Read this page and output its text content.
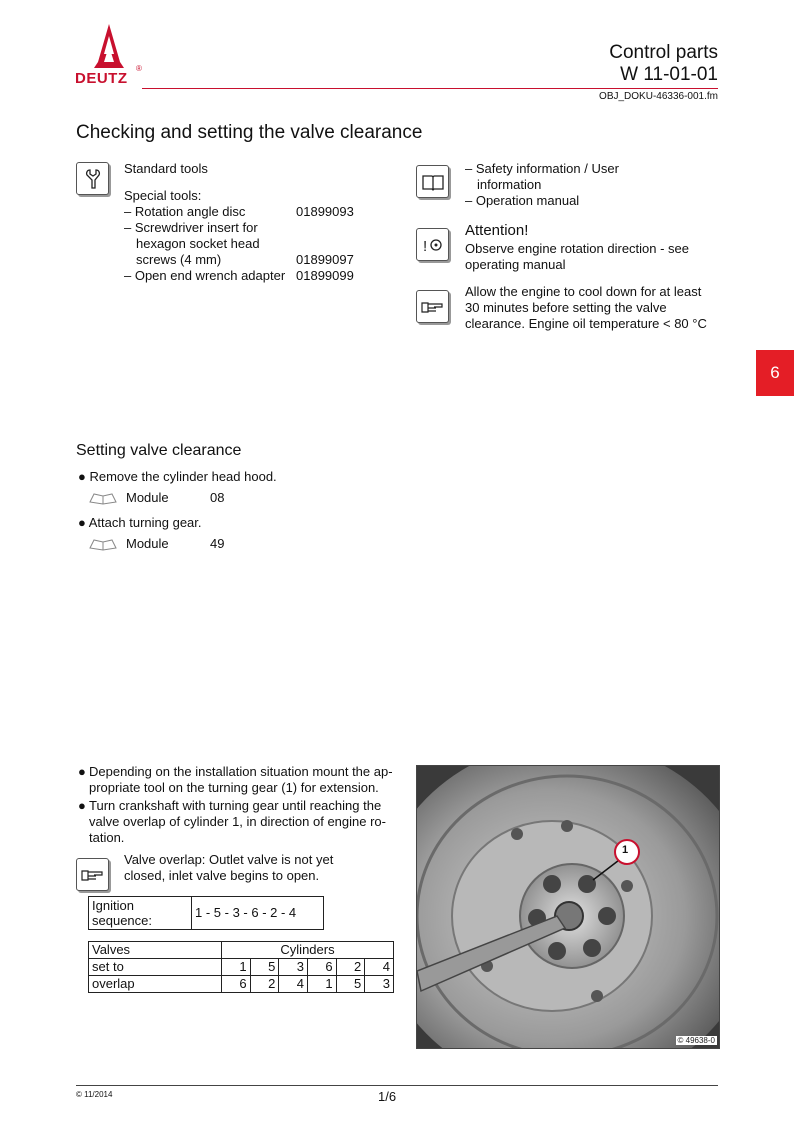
DEUTZ
®
Control parts
W 11-01-01
OBJ_DOKU-46336-001.fm
Checking and setting the valve clearance
Standard tools
Special tools:
– Rotation angle disc	01899093
– Screwdriver insert for
hexagon socket head
screws (4 mm)	01899097
– Open end wrench adapter 01899099
– Safety information / User
information
– Operation manual
!
Attention!
Observe engine rotation direction - see
operating manual
Allow the engine to cool down for at least
30 minutes before setting the valve
clearance. Engine oil temperature < 80 °C
6
Setting valve clearance
● Remove the cylinder head hood.
Module	08
● Attach turning gear.
Module	49
● Depending on the installation situation mount the ap-
propriate tool on the turning gear (1) for extension.
● Turn crankshaft with turning gear until reaching the
valve overlap of cylinder 1, in direction of engine ro-
tation.
Valve overlap: Outlet valve is not yet
closed, inlet valve begins to open.
Ignition
sequence:	1 - 5 - 3 - 6 - 2 - 4
Valves	Cylinders					
set to	1	5	3	6	2	4
overlap	6	2	4	1	5	3
1
© 49638-0
© 11/2014	1/6
